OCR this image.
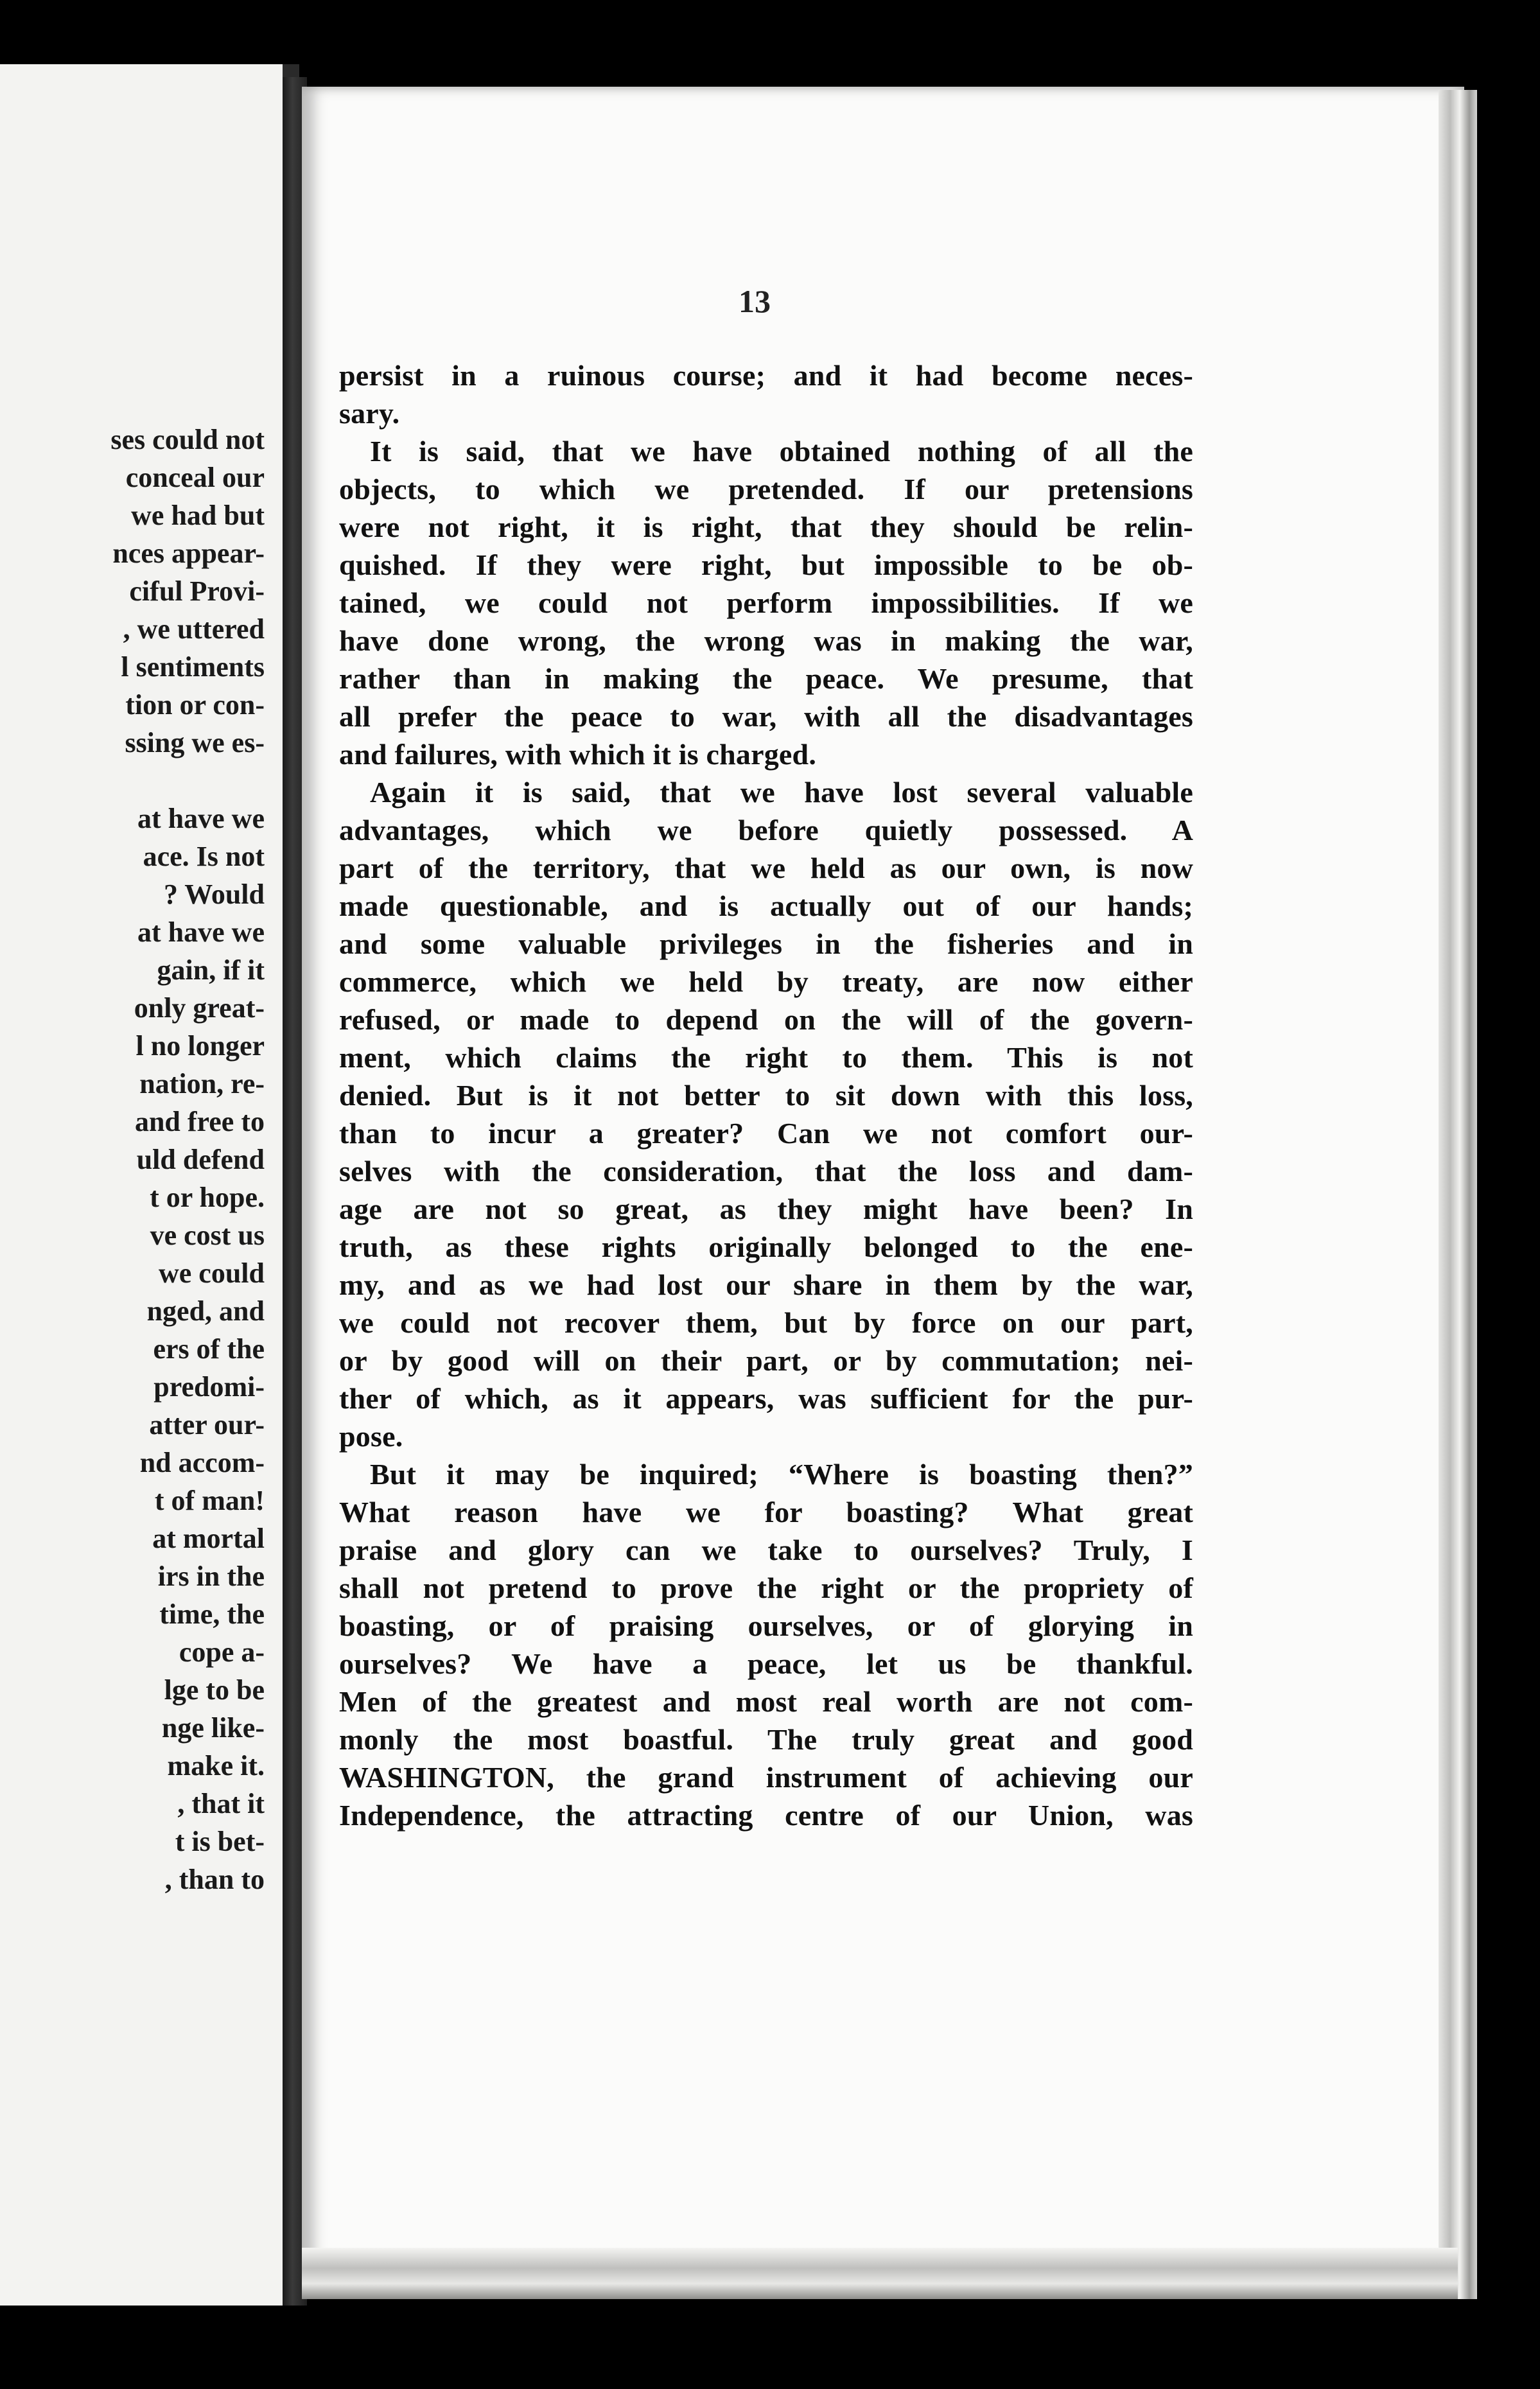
ses could not
conceal our
we had but
nces appear-
ciful Provi-
, we uttered
l sentiments
tion or con-
ssing we es-
at have we
ace. Is not
? Would
at have we
gain, if it
only great-
l no longer
nation, re-
and free to
uld defend
t or hope.
ve cost us
we could
nged, and
ers of the
predomi-
atter our-
nd accom-
t of man!
at mortal
irs in the
time, the
cope a-
lge to be
nge like-
make it.
, that it
t is bet-
, than to
13
persist in a ruinous course; and it had become neces-
sary.
It is said, that we have obtained nothing of all the
objects, to which we pretended. If our pretensions
were not right, it is right, that they should be relin-
quished. If they were right, but impossible to be ob-
tained, we could not perform impossibilities. If we
have done wrong, the wrong was in making the war,
rather than in making the peace. We presume, that
all prefer the peace to war, with all the disadvantages
and failures, with which it is charged.
Again it is said, that we have lost several valuable
advantages, which we before quietly possessed. A
part of the territory, that we held as our own, is now
made questionable, and is actually out of our hands;
and some valuable privileges in the fisheries and in
commerce, which we held by treaty, are now either
refused, or made to depend on the will of the govern-
ment, which claims the right to them. This is not
denied. But is it not better to sit down with this loss,
than to incur a greater? Can we not comfort our-
selves with the consideration, that the loss and dam-
age are not so great, as they might have been? In
truth, as these rights originally belonged to the ene-
my, and as we had lost our share in them by the war,
we could not recover them, but by force on our part,
or by good will on their part, or by commutation; nei-
ther of which, as it appears, was sufficient for the pur-
pose.
But it may be inquired; “Where is boasting then?”
What reason have we for boasting? What great
praise and glory can we take to ourselves? Truly, I
shall not pretend to prove the right or the propriety of
boasting, or of praising ourselves, or of glorying in
ourselves? We have a peace, let us be thankful.
Men of the greatest and most real worth are not com-
monly the most boastful. The truly great and good
WASHINGTON, the grand instrument of achieving our
Independence, the attracting centre of our Union, was
